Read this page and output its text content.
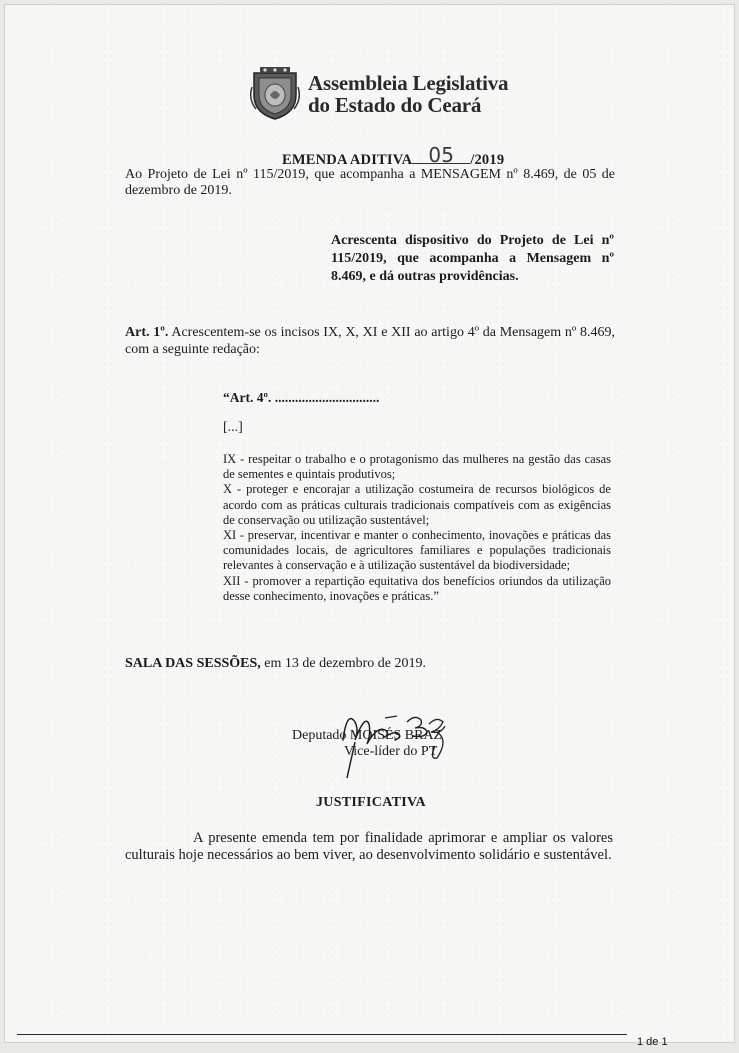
Assembleia Legislativa
do Estado do Ceará
EMENDA ADITIVA 05 /2019
Ao Projeto de Lei nº 115/2019, que acompanha a MENSAGEM nº 8.469, de 05 de dezembro de 2019.
Acrescenta dispositivo do Projeto de Lei nº 115/2019, que acompanha a Mensagem nº 8.469, e dá outras providências.
Art. 1º. Acrescentem-se os incisos IX, X, XI e XII ao artigo 4º da Mensagem nº 8.469, com a seguinte redação:
“Art. 4º. ...............................
[...]

IX - respeitar o trabalho e o protagonismo das mulheres na gestão das casas de sementes e quintais produtivos;

X - proteger e encorajar a utilização costumeira de recursos biológicos de acordo com as práticas culturais tradicionais compatíveis com as exigências de conservação ou utilização sustentável;

XI - preservar, incentivar e manter o conhecimento, inovações e práticas das comunidades locais, de agricultores familiares e populações tradicionais relevantes à conservação e à utilização sustentável da biodiversidade;

XII - promover a repartição equitativa dos benefícios oriundos da utilização desse conhecimento, inovações e práticas.”

SALA DAS SESSÕES, em 13 de dezembro de 2019.
Deputado MOISÉS BRAZ
Vice-líder do PT
JUSTIFICATIVA
A presente emenda tem por finalidade aprimorar e ampliar os valores culturais hoje necessários ao bem viver, ao desenvolvimento solidário e sustentável.
1 de 1
